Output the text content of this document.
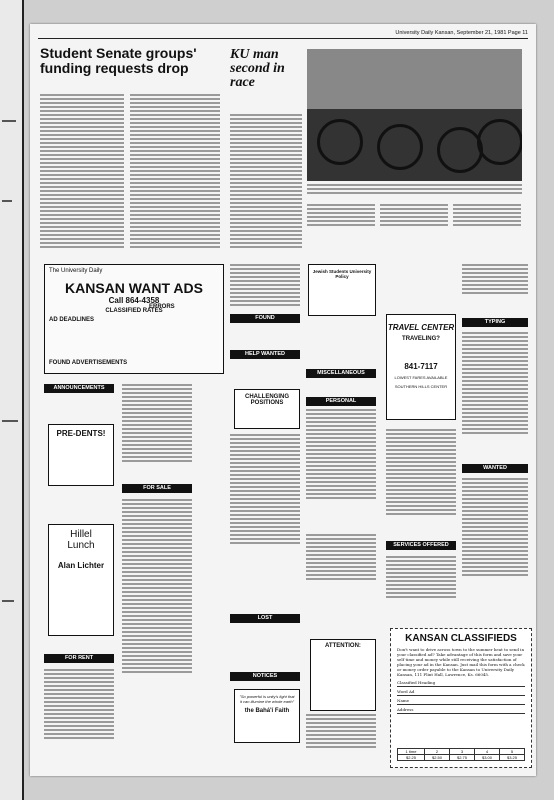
University Daily Kansan, September 21, 1981 Page 11
Student Senate groups' funding requests drop
KU man second in race
The University Daily
KANSAN WANT ADS
Call 864-4358
CLASSIFIED RATES
AD DEADLINES
ERRORS
FOUND ADVERTISEMENTS
ANNOUNCEMENTS
PRE-DENTS!
Hillel
Lunch
Alan Lichter
FOR RENT
FOR SALE
FOUND
HELP WANTED
CHALLENGING POSITIONS
LOST
NOTICES
"So powerful is unity's light that it can illumine the whole earth"
the Bahá'í Faith
Jewish Students University Policy
MISCELLANEOUS
PERSONAL
ATTENTION:
TRAVEL CENTER
TRAVELING?
841-7117
LOWEST FARES AVAILABLE
SOUTHERN HILLS CENTER
SERVICES OFFERED
TYPING
WANTED
KANSAN CLASSIFIEDS
Don't want to drive across town to the summer heat to send in your classified ad? Take advantage of this form and save your self time and money while still receiving the satisfaction of placing your ad in the Kansan. Just mail this form with a check or money order payable to the Kansan to University Daily Kansan, 111 Flint Hall, Lawrence, Ks. 66045.
Classified Heading
Word Ad
Name
Address
1 time	2	3	4	5
$2.25	$2.50	$2.75	$3.00	$3.25
